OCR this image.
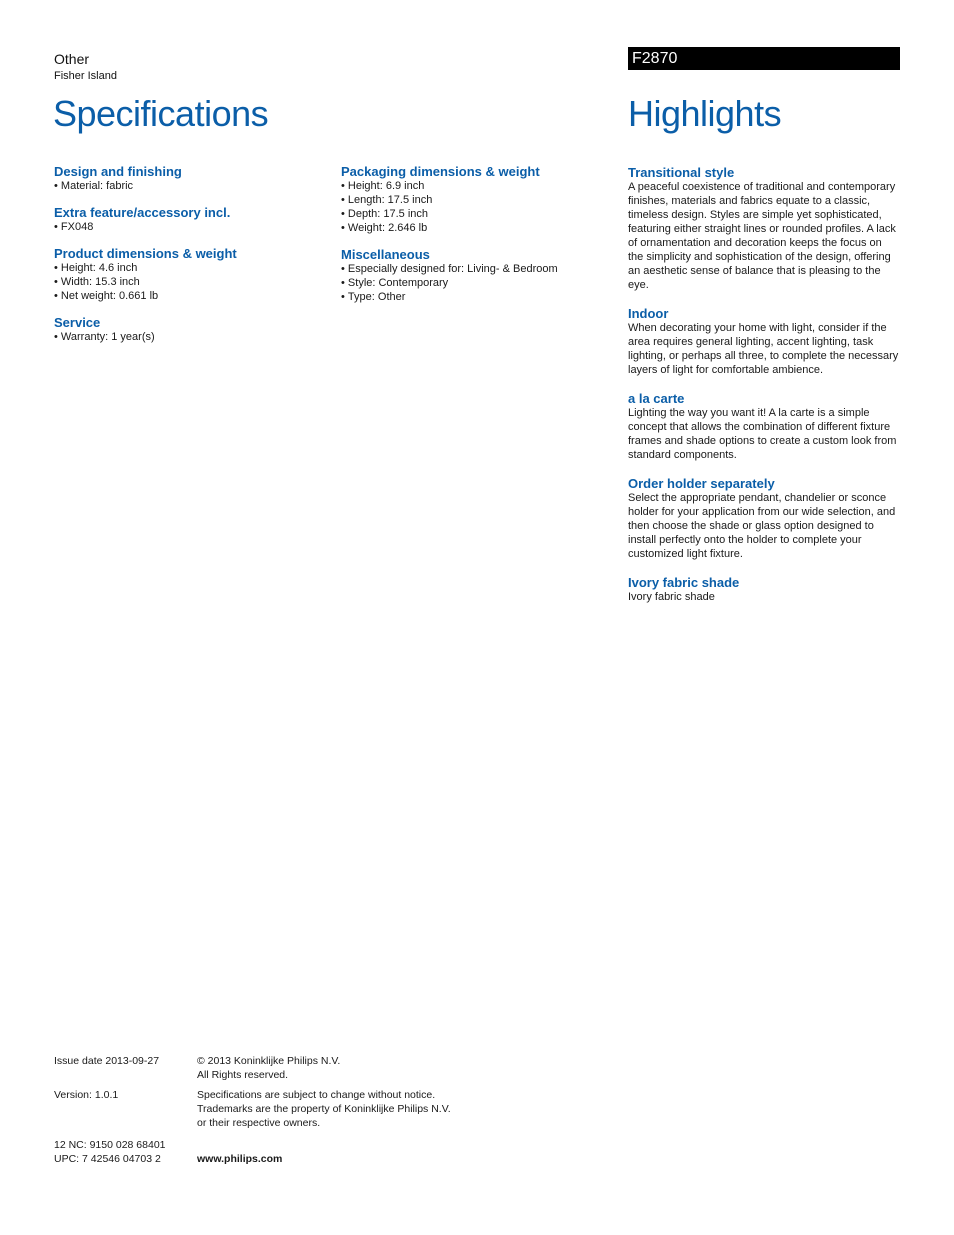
Other
Fisher Island
F2870
Specifications	Highlights
Design and finishing
• Material: fabric
Extra feature/accessory incl.
• FX048
Product dimensions & weight
• Height: 4.6 inch
• Width: 15.3 inch
• Net weight: 0.661 lb
Service
• Warranty: 1 year(s)
Packaging dimensions & weight
• Height: 6.9 inch
• Length: 17.5 inch
• Depth: 17.5 inch
• Weight: 2.646 lb
Miscellaneous
• Especially designed for: Living- & Bedroom
• Style: Contemporary
• Type: Other
Transitional style

A peaceful coexistence of traditional and contemporary finishes, materials and fabrics equate to a classic, timeless design. Styles are simple yet sophisticated, featuring either straight lines or rounded profiles. A lack of ornamentation and decoration keeps the focus on the simplicity and sophistication of the design, offering an aesthetic sense of balance that is pleasing to the eye.

Indoor

When decorating your home with light, consider if the area requires general lighting, accent lighting, task lighting, or perhaps all three, to complete the necessary layers of light for comfortable ambience.

a la carte

Lighting the way you want it! A la carte is a simple concept that allows the combination of different fixture frames and shade options to create a custom look from standard components.

Order holder separately

Select the appropriate pendant, chandelier or sconce holder for your application from our wide selection, and then choose the shade or glass option designed to install perfectly onto the holder to complete your customized light fixture.

Ivory fabric shade

Ivory fabric shade

Issue date 2013-09-27	© 2013 Koninklijke Philips N.V.
All Rights reserved.
Version: 1.0.1	Specifications are subject to change without notice.
Trademarks are the property of Koninklijke Philips N.V.
or their respective owners.
12 NC: 9150 028 68401
UPC: 7 42546 04703 2	www.philips.com
